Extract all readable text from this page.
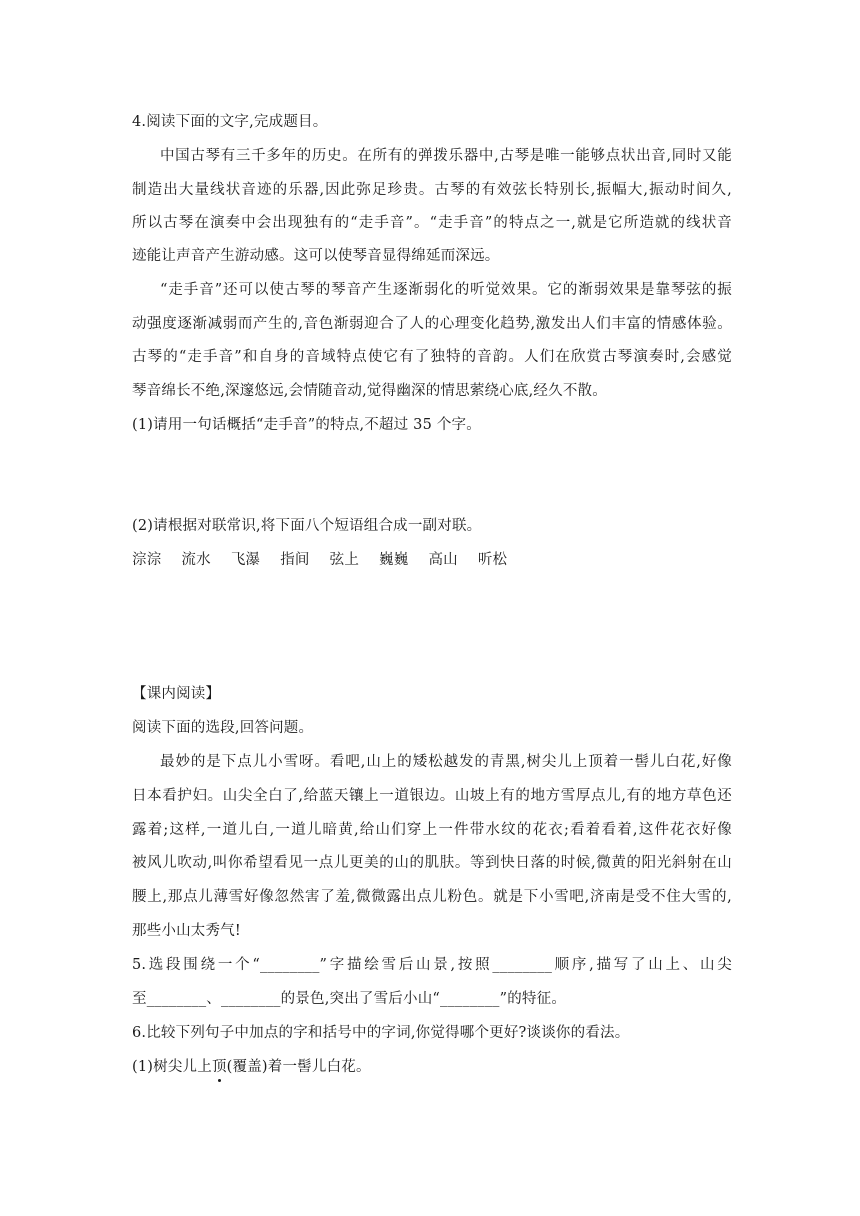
4.阅读下面的文字,完成题目。
中国古琴有三千多年的历史。在所有的弹拨乐器中,古琴是唯一能够点状出音,同时又能
制造出大量线状音迹的乐器,因此弥足珍贵。古琴的有效弦长特别长,振幅大,振动时间久,
所以古琴在演奏中会出现独有的“走手音”。“走手音”的特点之一,就是它所造就的线状音
迹能让声音产生游动感。这可以使琴音显得绵延而深远。
“走手音”还可以使古琴的琴音产生逐渐弱化的听觉效果。它的渐弱效果是靠琴弦的振
动强度逐渐减弱而产生的,音色渐弱迎合了人的心理变化趋势,激发出人们丰富的情感体验。
古琴的“走手音”和自身的音域特点使它有了独特的音韵。人们在欣赏古琴演奏时,会感觉
琴音绵长不绝,深邃悠远,会情随音动,觉得幽深的情思萦绕心底,经久不散。
(1)请用一句话概括“走手音”的特点,不超过 35 个字。
(2)请根据对联常识,将下面八个短语组合成一副对联。
淙淙 流水 飞瀑 指间 弦上 巍巍 高山 听松
【课内阅读】
阅读下面的选段,回答问题。
最妙的是下点儿小雪呀。看吧,山上的矮松越发的青黑,树尖儿上顶着一髻儿白花,好像
日本看护妇。山尖全白了,给蓝天镶上一道银边。山坡上有的地方雪厚点儿,有的地方草色还
露着;这样,一道儿白,一道儿暗黄,给山们穿上一件带水纹的花衣;看着看着,这件花衣好像
被风儿吹动,叫你希望看见一点儿更美的山的肌肤。等到快日落的时候,微黄的阳光斜射在山
腰上,那点儿薄雪好像忽然害了羞,微微露出点儿粉色。就是下小雪吧,济南是受不住大雪的,
那些小山太秀气!
5.选段围绕一个“________”字描绘雪后山景,按照________顺序,描写了山上、山尖
至________、________的景色,突出了雪后小山“________”的特征。
6.比较下列句子中加点的字和括号中的字词,你觉得哪个更好?谈谈你的看法。
(1)树尖儿上顶(覆盖)着一髻儿白花。
